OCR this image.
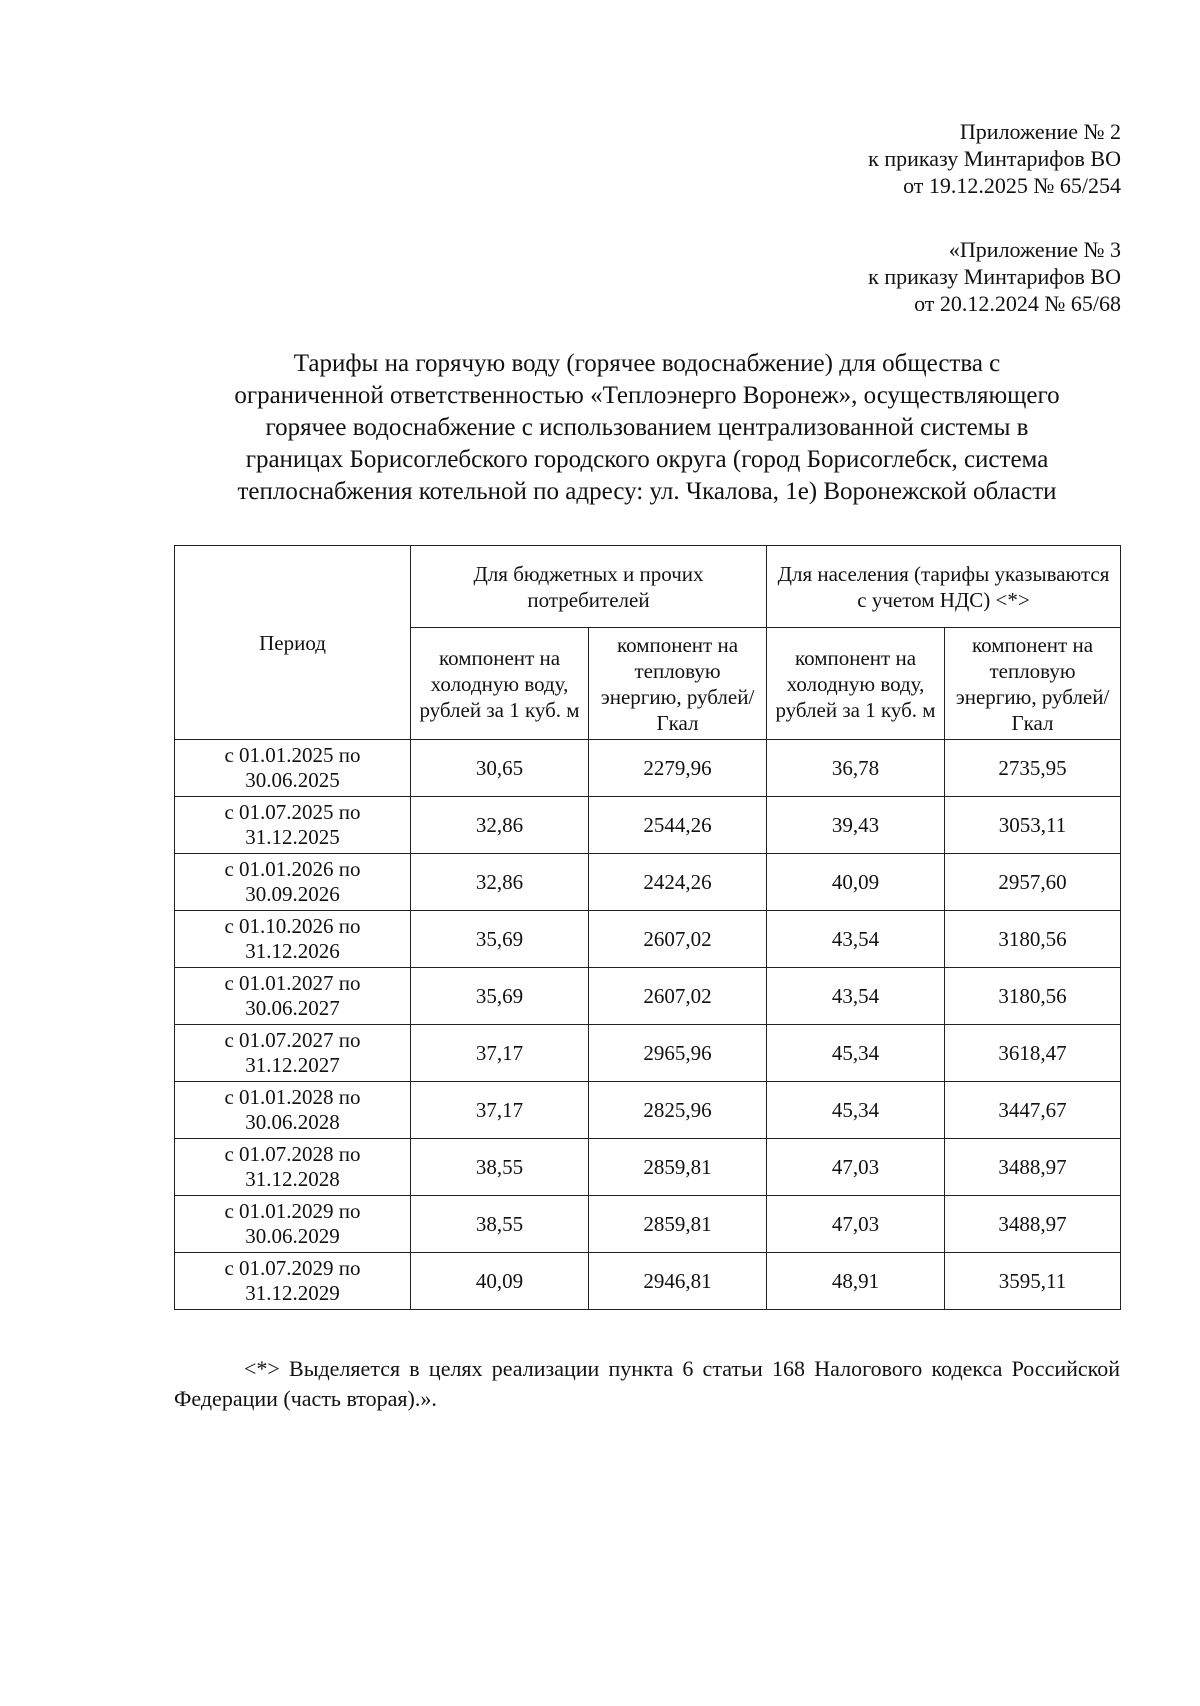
Приложение № 2
к приказу Минтарифов ВО
от 19.12.2025 № 65/254
«Приложение № 3
к приказу Минтарифов ВО
от 20.12.2024 № 65/68
Тарифы на горячую воду (горячее водоснабжение) для общества с
ограниченной ответственностью «Теплоэнерго Воронеж», осуществляющего
горячее водоснабжение с использованием централизованной системы в
границах Борисоглебского городского округа (город Борисоглебск, система
теплоснабжения котельной по адресу: ул. Чкалова, 1е) Воронежской области
Период	Для бюджетных и прочих потребителей		Для населения (тарифы указываются с учетом НДС) <*>	
	компонент на холодную воду, рублей за 1 куб. м	компонент на тепловую энергию, рублей/Гкал	компонент на холодную воду, рублей за 1 куб. м	компонент на тепловую энергию, рублей/Гкал

с 01.01.2025 по
30.06.2025	30,65	2279,96	36,78	2735,95

с 01.07.2025 по
31.12.2025	32,86	2544,26	39,43	3053,11

с 01.01.2026 по
30.09.2026	32,86	2424,26	40,09	2957,60

с 01.10.2026 по
31.12.2026	35,69	2607,02	43,54	3180,56

с 01.01.2027 по
30.06.2027	35,69	2607,02	43,54	3180,56

с 01.07.2027 по
31.12.2027	37,17	2965,96	45,34	3618,47

с 01.01.2028 по
30.06.2028	37,17	2825,96	45,34	3447,67

с 01.07.2028 по
31.12.2028	38,55	2859,81	47,03	3488,97

с 01.01.2029 по
30.06.2029	38,55	2859,81	47,03	3488,97

с 01.07.2029 по
31.12.2029	40,09	2946,81	48,91	3595,11
<*> Выделяется в целях реализации пункта 6 статьи 168 Налогового кодекса Российской Федерации (часть вторая).».
